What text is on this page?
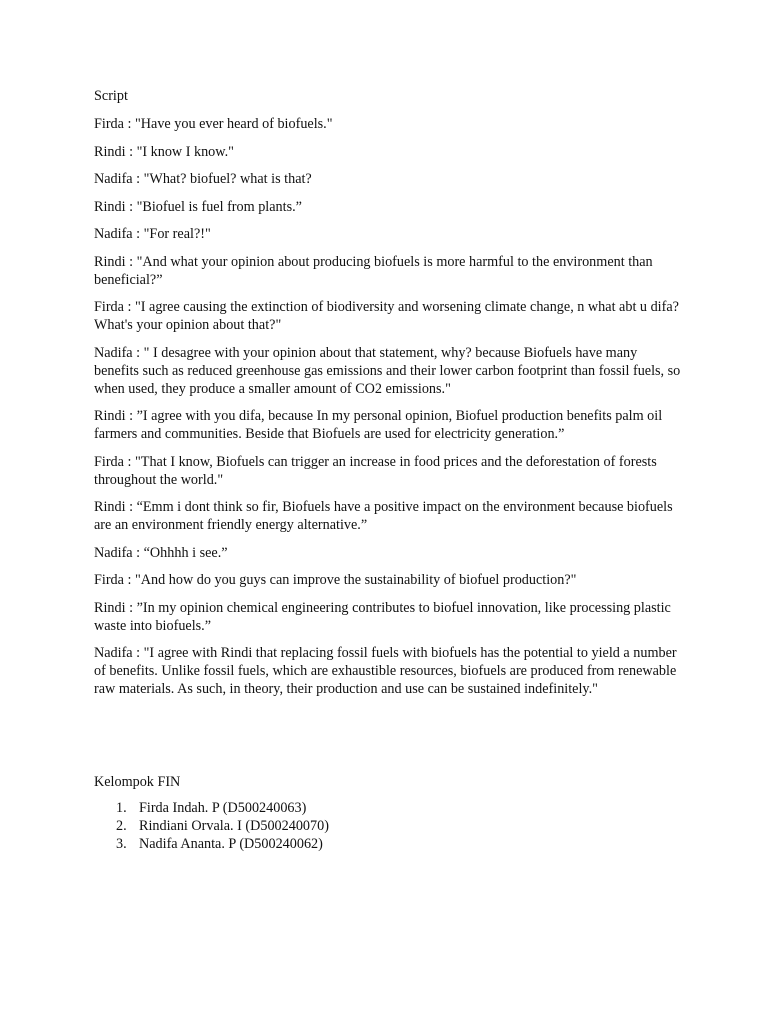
Script

Firda : "Have you ever heard of biofuels."

Rindi : "I know I know."

Nadifa : "What? biofuel? what is that?

Rindi : "Biofuel is fuel from plants.”

Nadifa : "For real?!"

Rindi : "And what your opinion about producing biofuels is more harmful to the environment than beneficial?”

Firda : "I agree causing the extinction of biodiversity and worsening climate change, n what abt u difa? What's your opinion about that?"

Nadifa : " I desagree with your opinion about that statement, why? because Biofuels have many benefits such as reduced greenhouse gas emissions and their lower carbon footprint than fossil fuels, so when used, they produce a smaller amount of CO2 emissions."

Rindi : ”I agree with you difa, because In my personal opinion, Biofuel production benefits palm oil farmers and communities. Beside that Biofuels are used for electricity generation.”

Firda : "That I know, Biofuels can trigger an increase in food prices and the deforestation of forests throughout the world."

Rindi : “Emm i dont think so fir, Biofuels have a positive impact on the environment because biofuels are an environment friendly energy alternative.”

Nadifa : “Ohhhh i see.”

Firda : "And how do you guys can improve the sustainability of biofuel production?"

Rindi : ”In my opinion chemical engineering contributes to biofuel innovation, like processing plastic waste into biofuels.”

Nadifa : "I agree with Rindi that replacing fossil fuels with biofuels has the potential to yield a number of benefits. Unlike fossil fuels, which are exhaustible resources, biofuels are produced from renewable raw materials. As such, in theory, their production and use can be sustained indefinitely."

Kelompok FIN

1. Firda Indah. P (D500240063)
2. Rindiani Orvala. I (D500240070)
3. Nadifa Ananta. P (D500240062)
